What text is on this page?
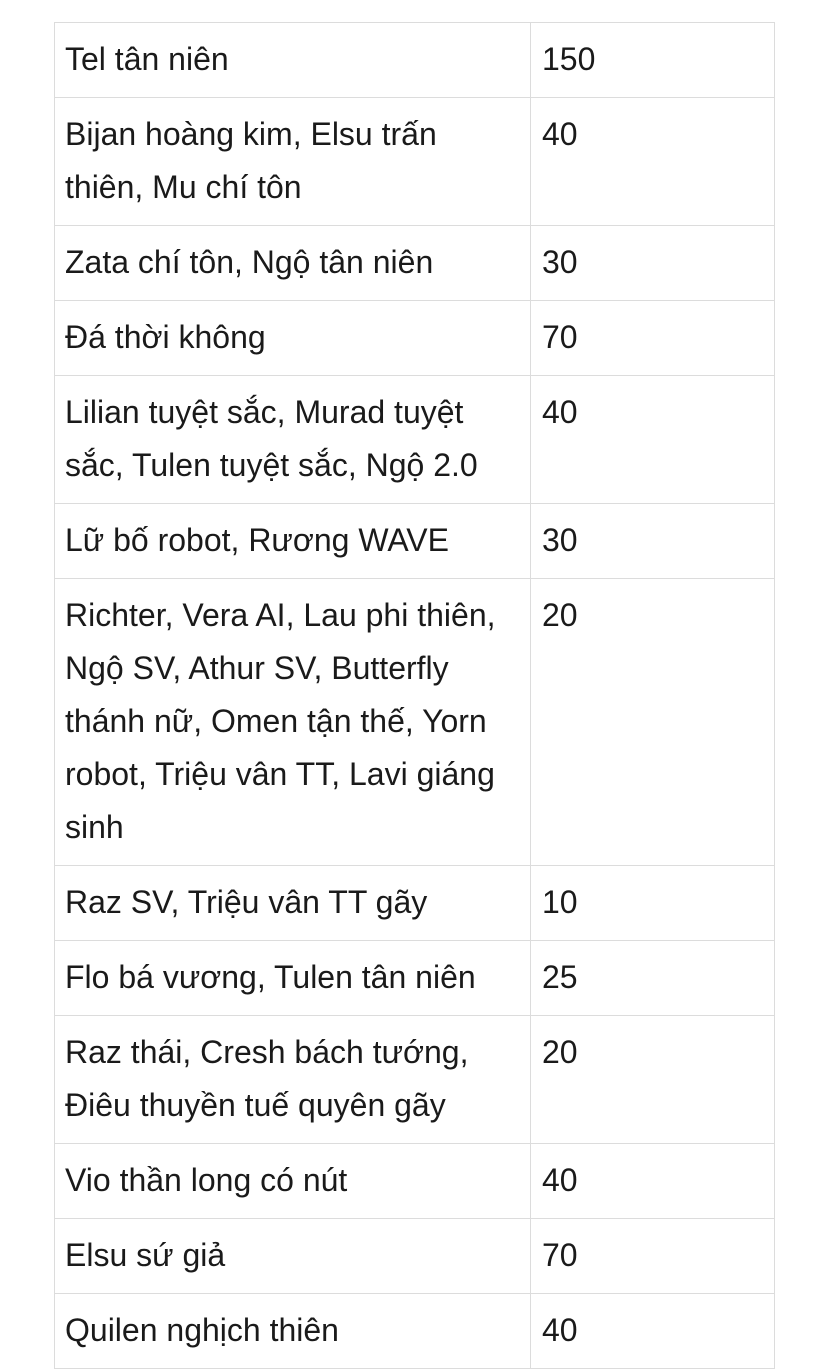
Tel tân niên	150
Bijan hoàng kim, Elsu trấn thiên, Mu chí tôn	40
Zata chí tôn, Ngộ tân niên	30
Đá thời không	70
Lilian tuyệt sắc, Murad tuyệt sắc, Tulen tuyệt sắc, Ngộ 2.0	40
Lữ bố robot, Rương WAVE	30
Richter, Vera AI, Lau phi thiên, Ngộ SV, Athur SV, Butterfly thánh nữ, Omen tận thế, Yorn robot, Triệu vân TT, Lavi giáng sinh	20
Raz SV, Triệu vân TT gãy	10
Flo bá vương, Tulen tân niên	25
Raz thái, Cresh bách tướng, Điêu thuyền tuế quyên gãy	20
Vio thần long có nút	40
Elsu sứ giả	70
Quilen nghịch thiên	40
